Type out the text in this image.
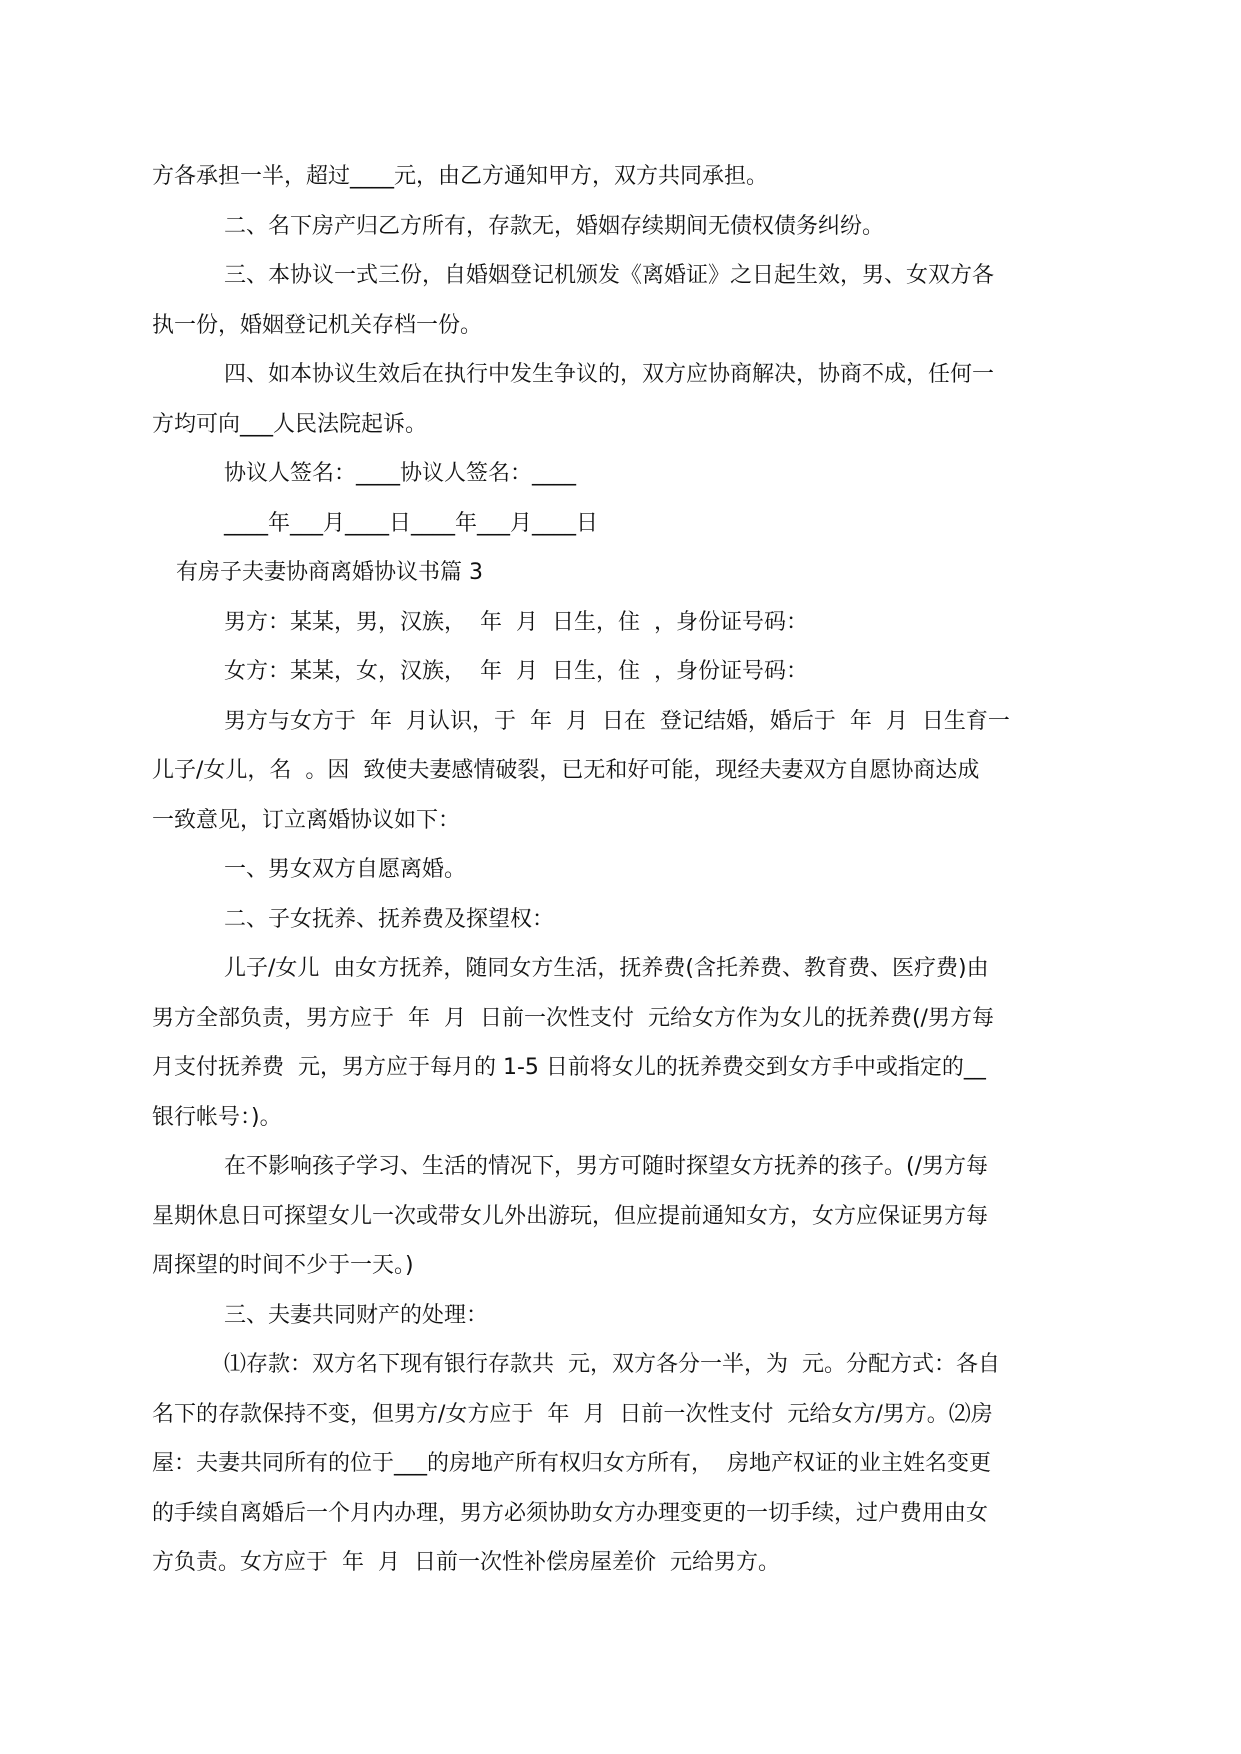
方各承担一半，超过____元，由乙方通知甲方，双方共同承担。
二、名下房产归乙方所有，存款无，婚姻存续期间无债权债务纠纷。
三、本协议一式三份，自婚姻登记机颁发《离婚证》之日起生效，男、女双方各
执一份，婚姻登记机关存档一份。
四、如本协议生效后在执行中发生争议的，双方应协商解决，协商不成，任何一
方均可向___人民法院起诉。
协议人签名：____协议人签名：____
____年___月____日____年___月____日
有房子夫妻协商离婚协议书篇 3
男方：某某，男，汉族，  年  月  日生，住  ，身份证号码：
女方：某某，女，汉族，  年  月  日生，住  ，身份证号码：
男方与女方于  年  月认识，于  年  月  日在  登记结婚，婚后于  年  月  日生育一
儿子/女儿，名  。因  致使夫妻感情破裂，已无和好可能，现经夫妻双方自愿协商达成
一致意见，订立离婚协议如下：
一、男女双方自愿离婚。
二、子女抚养、抚养费及探望权：
儿子/女儿  由女方抚养，随同女方生活，抚养费(含托养费、教育费、医疗费)由
男方全部负责，男方应于  年  月  日前一次性支付  元给女方作为女儿的抚养费(/男方每
月支付抚养费  元，男方应于每月的 1-5 日前将女儿的抚养费交到女方手中或指定的__
银行帐号：)。
在不影响孩子学习、生活的情况下，男方可随时探望女方抚养的孩子。(/男方每
星期休息日可探望女儿一次或带女儿外出游玩，但应提前通知女方，女方应保证男方每
周探望的时间不少于一天。)
三、夫妻共同财产的处理：
⑴存款：双方名下现有银行存款共  元，双方各分一半，为  元。分配方式：各自
名下的存款保持不变，但男方/女方应于  年  月  日前一次性支付  元给女方/男方。⑵房
屋：夫妻共同所有的位于___的房地产所有权归女方所有，  房地产权证的业主姓名变更
的手续自离婚后一个月内办理，男方必须协助女方办理变更的一切手续，过户费用由女
方负责。女方应于  年  月  日前一次性补偿房屋差价  元给男方。
